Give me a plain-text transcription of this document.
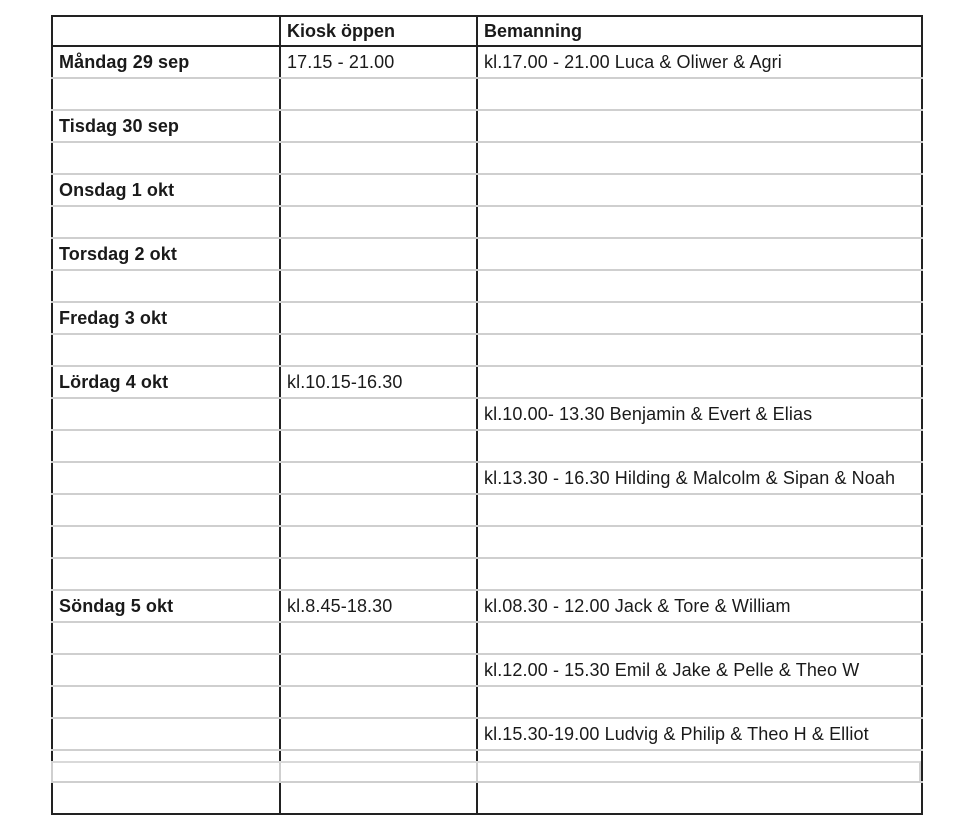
	Kiosk öppen	Bemanning
Måndag 29 sep	17.15 - 21.00	kl.17.00 - 21.00 Luca & Oliwer & Agri

Tisdag 30 sep		

Onsdag 1 okt		

Torsdag 2 okt		

Fredag 3 okt		

Lördag 4 okt	kl.10.15-16.30	
		kl.10.00- 13.30 Benjamin & Evert & Elias

		kl.13.30 - 16.30 Hilding & Malcolm & Sipan & Noah

Söndag 5 okt	kl.8.45-18.30	kl.08.30 - 12.00 Jack & Tore & William

		kl.12.00 - 15.30 Emil & Jake & Pelle & Theo W

		kl.15.30-19.00 Ludvig & Philip & Theo H & Elliot
